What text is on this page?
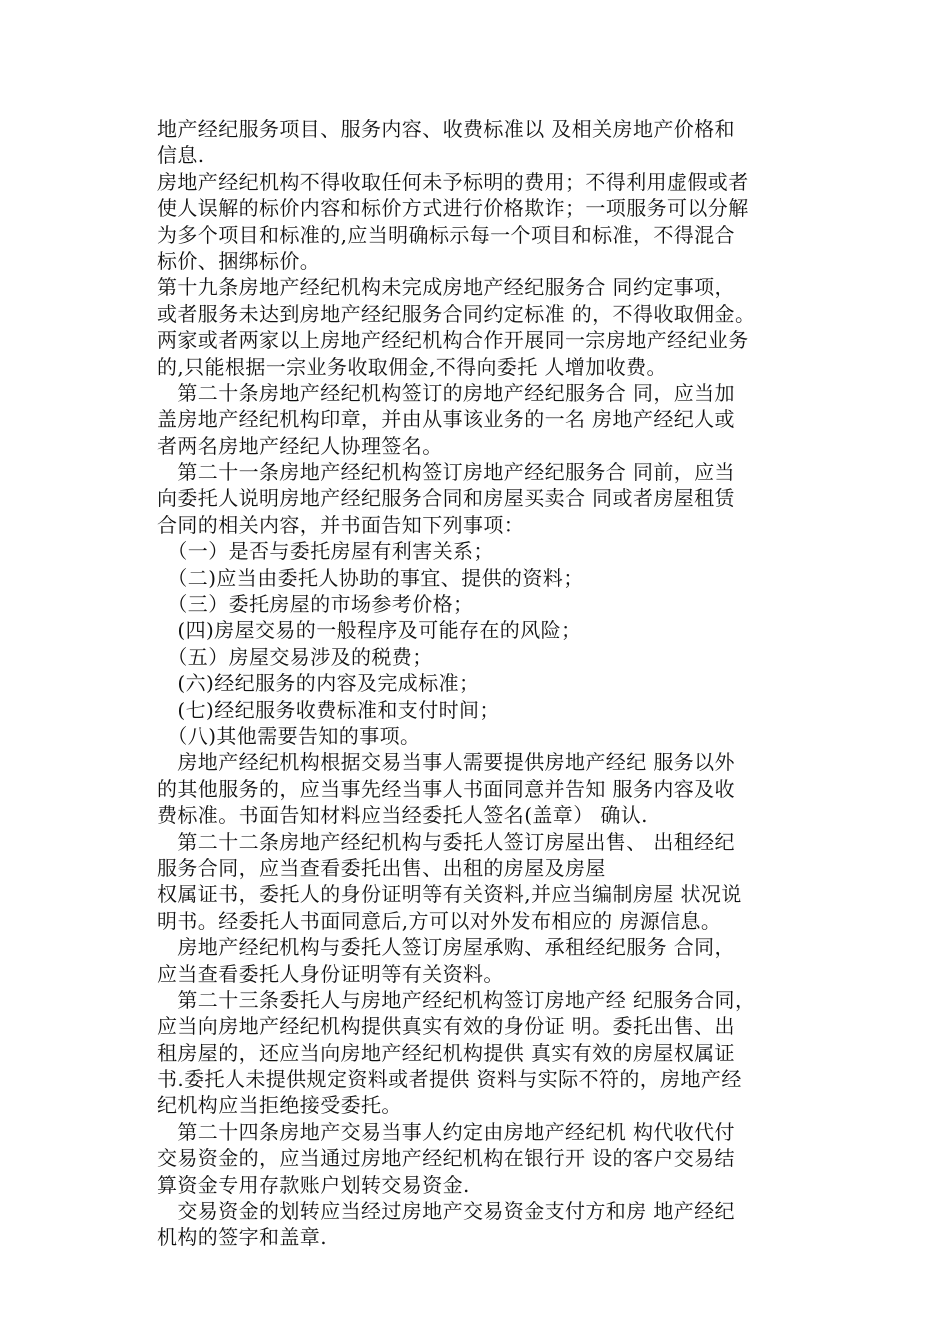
地产经纪服务项目、服务内容、收费标准以 及相关房地产价格和
信息.
房地产经纪机构不得收取任何未予标明的费用；不得利用虚假或者
使人误解的标价内容和标价方式进行价格欺诈；一项服务可以分解
为多个项目和标准的,应当明确标示每一个项目和标准，不得混合
标价、捆绑标价。
第十九条房地产经纪机构未完成房地产经纪服务合 同约定事项，
或者服务未达到房地产经纪服务合同约定标准 的，不得收取佣金。
两家或者两家以上房地产经纪机构合作开展同一宗房地产经纪业务
的,只能根据一宗业务收取佣金,不得向委托 人增加收费。
　第二十条房地产经纪机构签订的房地产经纪服务合 同，应当加
盖房地产经纪机构印章，并由从事该业务的一名 房地产经纪人或
者两名房地产经纪人协理签名。
　第二十一条房地产经纪机构签订房地产经纪服务合 同前，应当
向委托人说明房地产经纪服务合同和房屋买卖合 同或者房屋租赁
合同的相关内容，并书面告知下列事项：
　（一）是否与委托房屋有利害关系；
　（二)应当由委托人协助的事宜、提供的资料；
　（三）委托房屋的市场参考价格；
　(四)房屋交易的一般程序及可能存在的风险；
　（五）房屋交易涉及的税费；
　(六)经纪服务的内容及完成标准；
　(七)经纪服务收费标准和支付时间；
　（八)其他需要告知的事项。
　房地产经纪机构根据交易当事人需要提供房地产经纪 服务以外
的其他服务的，应当事先经当事人书面同意并告知 服务内容及收
费标准。书面告知材料应当经委托人签名(盖章） 确认.
　第二十二条房地产经纪机构与委托人签订房屋出售、 出租经纪
服务合同，应当查看委托出售、出租的房屋及房屋
权属证书，委托人的身份证明等有关资料,并应当编制房屋 状况说
明书。经委托人书面同意后,方可以对外发布相应的 房源信息。
　房地产经纪机构与委托人签订房屋承购、承租经纪服务 合同，
应当查看委托人身份证明等有关资料。
　第二十三条委托人与房地产经纪机构签订房地产经 纪服务合同，
应当向房地产经纪机构提供真实有效的身份证 明。委托出售、出
租房屋的，还应当向房地产经纪机构提供 真实有效的房屋权属证
书.委托人未提供规定资料或者提供 资料与实际不符的，房地产经
纪机构应当拒绝接受委托。
　第二十四条房地产交易当事人约定由房地产经纪机 构代收代付
交易资金的，应当通过房地产经纪机构在银行开 设的客户交易结
算资金专用存款账户划转交易资金.
　交易资金的划转应当经过房地产交易资金支付方和房 地产经纪
机构的签字和盖章.
